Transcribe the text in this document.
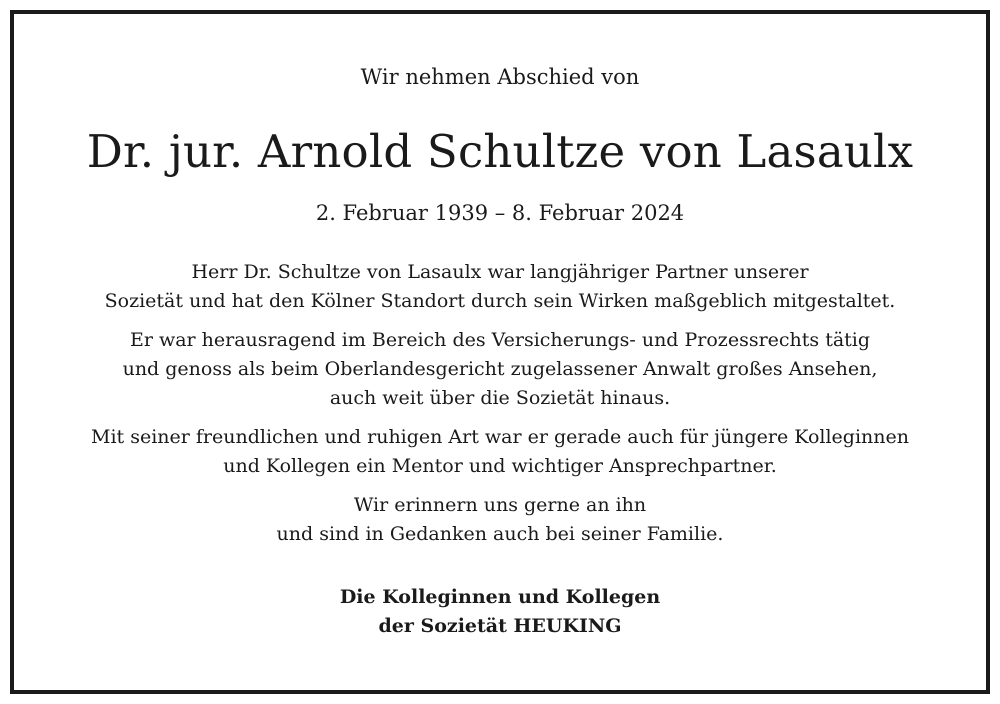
Wir nehmen Abschied von
Dr. jur. Arnold Schultze von Lasaulx
2. Februar 1939 – 8. Februar 2024
Herr Dr. Schultze von Lasaulx war langjähriger Partner unserer
Sozietät und hat den Kölner Standort durch sein Wirken maßgeblich mitgestaltet.
Er war herausragend im Bereich des Versicherungs- und Prozessrechts tätig
und genoss als beim Oberlandesgericht zugelassener Anwalt großes Ansehen,
auch weit über die Sozietät hinaus.
Mit seiner freundlichen und ruhigen Art war er gerade auch für jüngere Kolleginnen
und Kollegen ein Mentor und wichtiger Ansprechpartner.
Wir erinnern uns gerne an ihn
und sind in Gedanken auch bei seiner Familie.
Die Kolleginnen und Kollegen
der Sozietät HEUKING
